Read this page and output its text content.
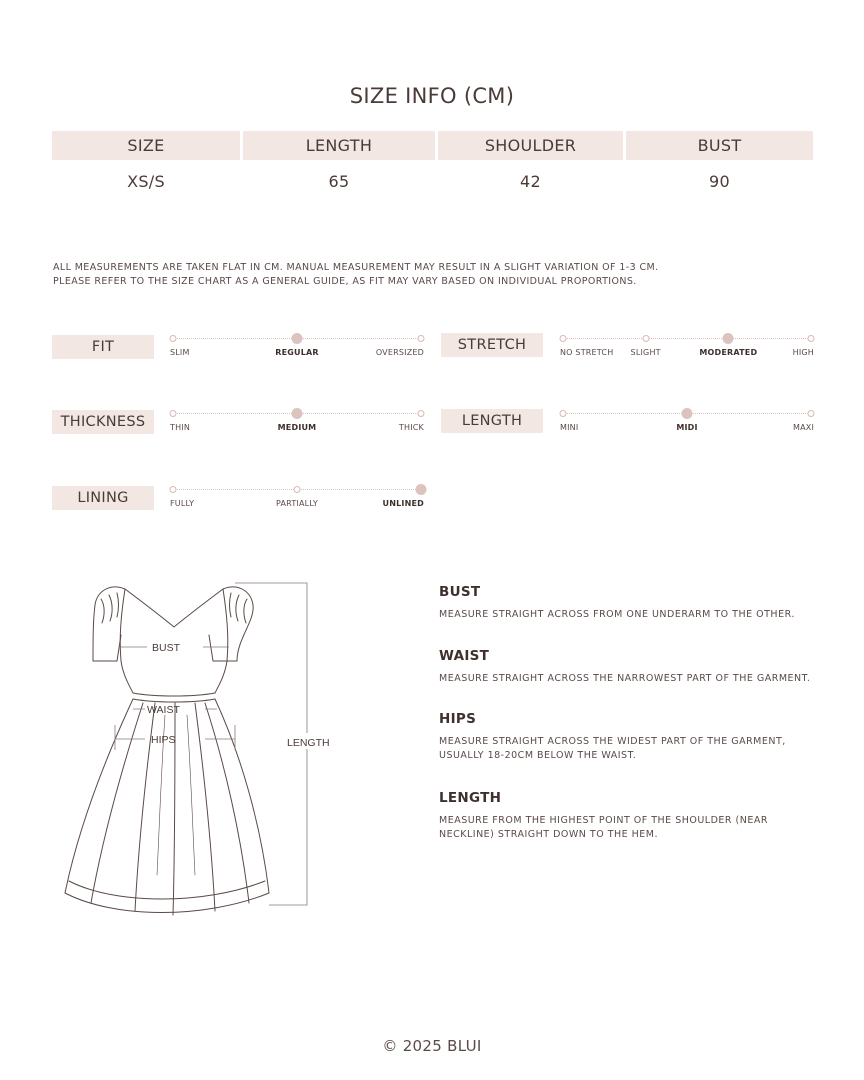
SIZE INFO (CM)
SIZE	LENGTH	SHOULDER	BUST
XS/S	65	42	90
ALL MEASUREMENTS ARE TAKEN FLAT IN CM. MANUAL MEASUREMENT MAY RESULT IN A SLIGHT VARIATION OF 1-3 CM.
PLEASE REFER TO THE SIZE CHART AS A GENERAL GUIDE, AS FIT MAY VARY BASED ON INDIVIDUAL PROPORTIONS.
FIT	SLIM	REGULAR	OVERSIZED	STRETCH	NO STRETCH SLIGHT	MODERATED	HIGH
THICKNESS	THIN	MEDIUM	THICK	LENGTH	MINI	MIDI	MAXI
LINING	FULLY	PARTIALLY	UNLINED
BUST
WAIST
HIPS	LENGTH
BUST

MEASURE STRAIGHT ACROSS FROM ONE UNDERARM TO THE OTHER.

WAIST

MEASURE STRAIGHT ACROSS THE NARROWEST PART OF THE GARMENT.

HIPS

MEASURE STRAIGHT ACROSS THE WIDEST PART OF THE GARMENT, USUALLY 18-20CM BELOW THE WAIST.

LENGTH

MEASURE FROM THE HIGHEST POINT OF THE SHOULDER (NEAR NECKLINE) STRAIGHT DOWN TO THE HEM.

© 2025 BLUI
